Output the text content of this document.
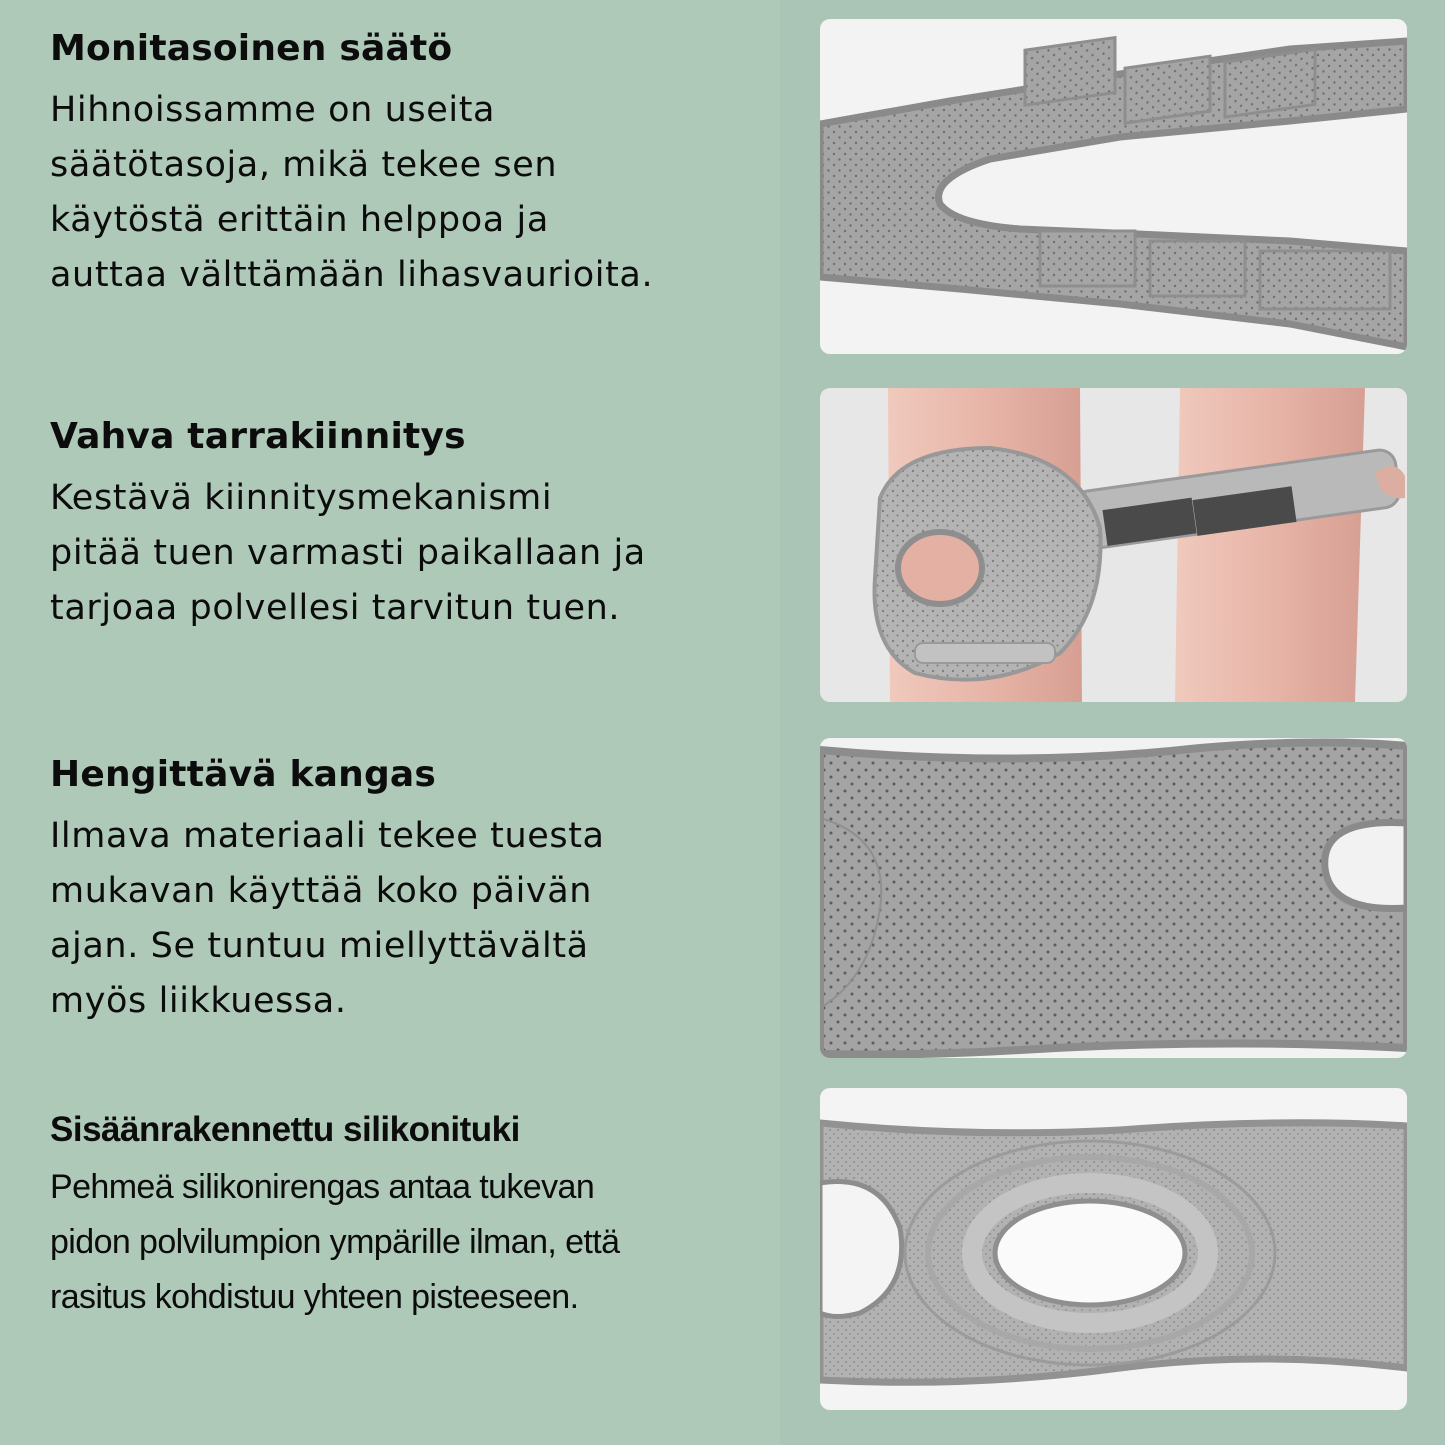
Monitasoinen säätö

Hihnoissamme on useita
säätötasoja, mikä tekee sen
käytöstä erittäin helppoa ja
auttaa välttämään lihasvaurioita.

Vahva tarrakiinnitys

Kestävä kiinnitysmekanismi
pitää tuen varmasti paikallaan ja
tarjoaa polvellesi tarvitun tuen.

Hengittävä kangas

Ilmava materiaali tekee tuesta
mukavan käyttää koko päivän
ajan. Se tuntuu miellyttävältä
myös liikkuessa.

Sisäänrakennettu silikonituki

Pehmeä silikonirengas antaa tukevan
pidon polvilumpion ympärille ilman, että
rasitus kohdistuu yhteen pisteeseen.
